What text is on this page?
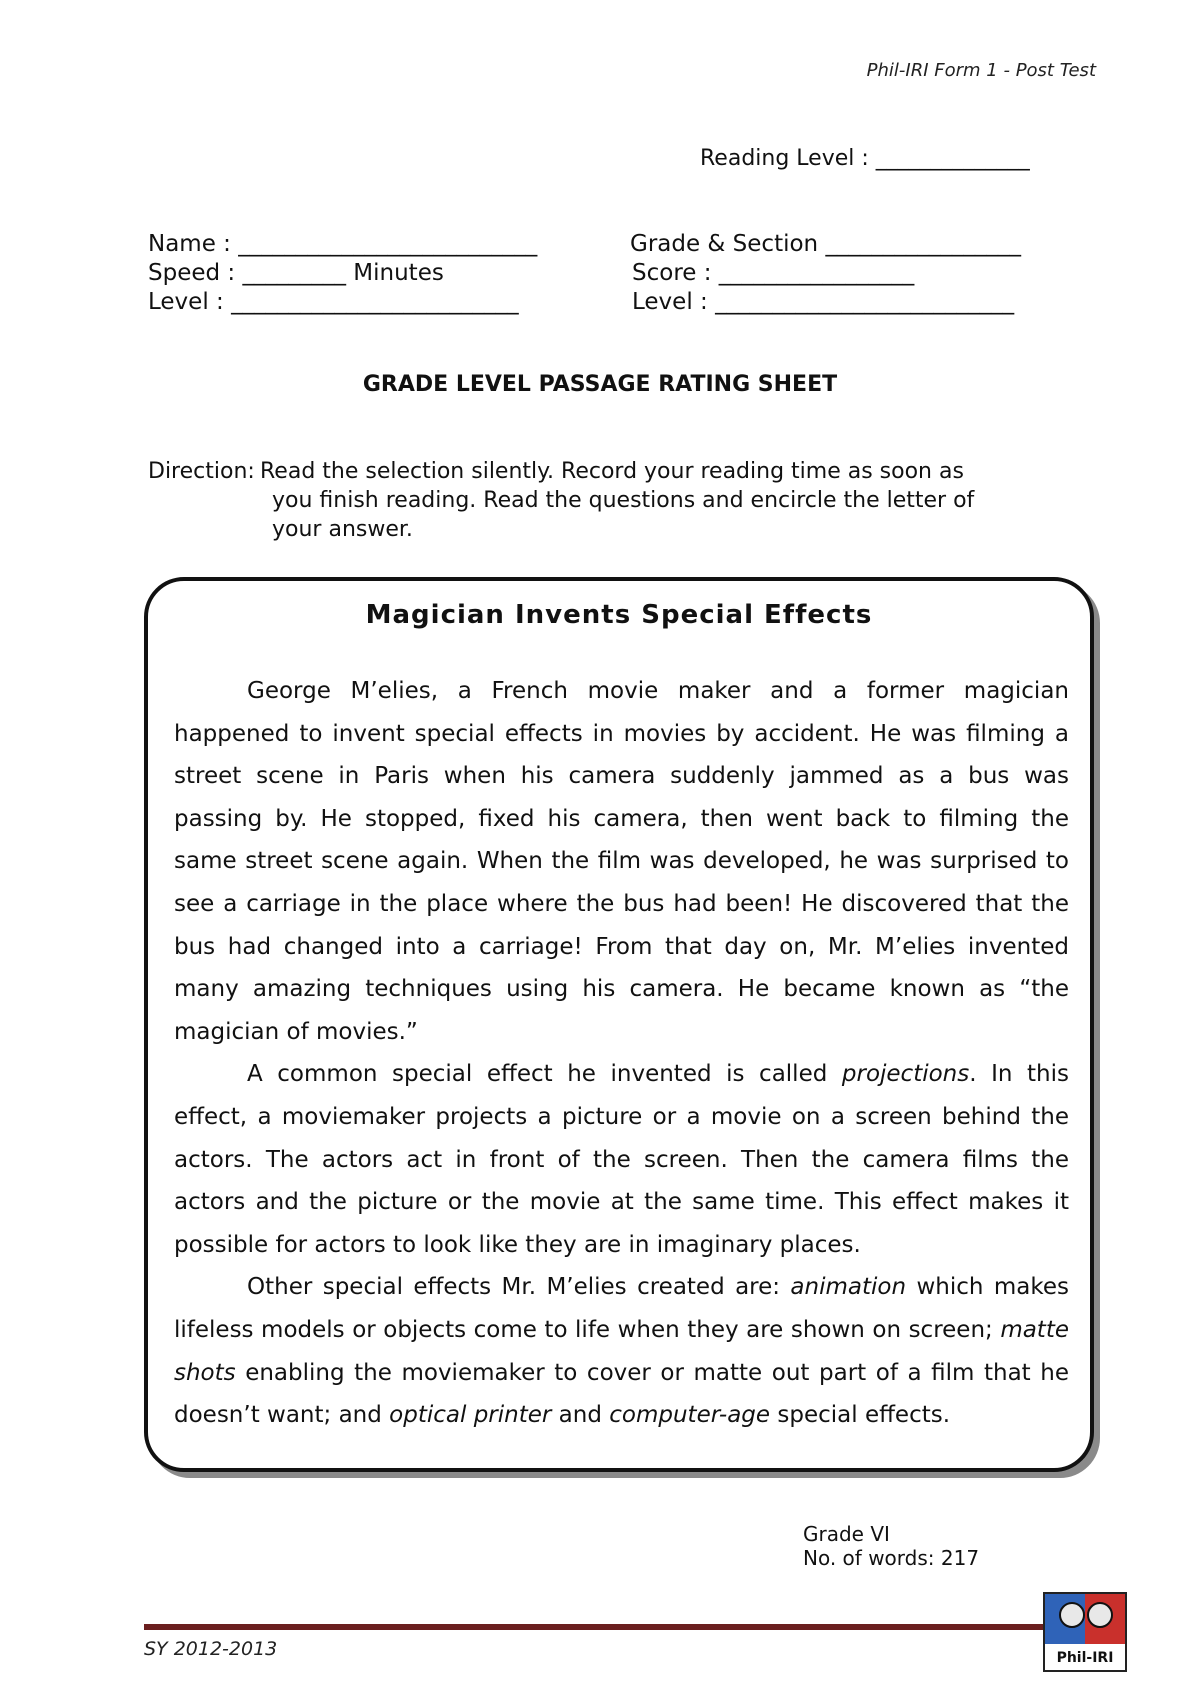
Phil-IRI Form 1 - Post Test
Reading Level : ______________
Name : __________________________	Grade & Section _________________
Speed : _________ Minutes	Score : _________________
Level : _________________________	Level : __________________________
GRADE LEVEL PASSAGE RATING SHEET
Direction: Read the selection silently. Record your reading time as soon as
you finish reading. Read the questions and encircle the letter of
your answer.
Magician Invents Special Effects

George M’elies, a French movie maker and a former magician happened to invent special effects in movies by accident. He was filming a street scene in Paris when his camera suddenly jammed as a bus was passing by. He stopped, fixed his camera, then went back to filming the same street scene again. When the film was developed, he was surprised to see a carriage in the place where the bus had been! He discovered that the bus had changed into a carriage! From that day on, Mr. M’elies invented many amazing techniques using his camera. He became known as “the magician of movies.”

A common special effect he invented is called projections. In this effect, a moviemaker projects a picture or a movie on a screen behind the actors. The actors act in front of the screen. Then the camera films the actors and the picture or the movie at the same time. This effect makes it possible for actors to look like they are in imaginary places.

Other special effects Mr. M’elies created are: animation which makes lifeless models or objects come to life when they are shown on screen; matte shots enabling the moviemaker to cover or matte out part of a film that he doesn’t want; and optical printer and computer-age special effects.

Grade VI
No. of words: 217
SY 2012-2013	Phil-IRI
